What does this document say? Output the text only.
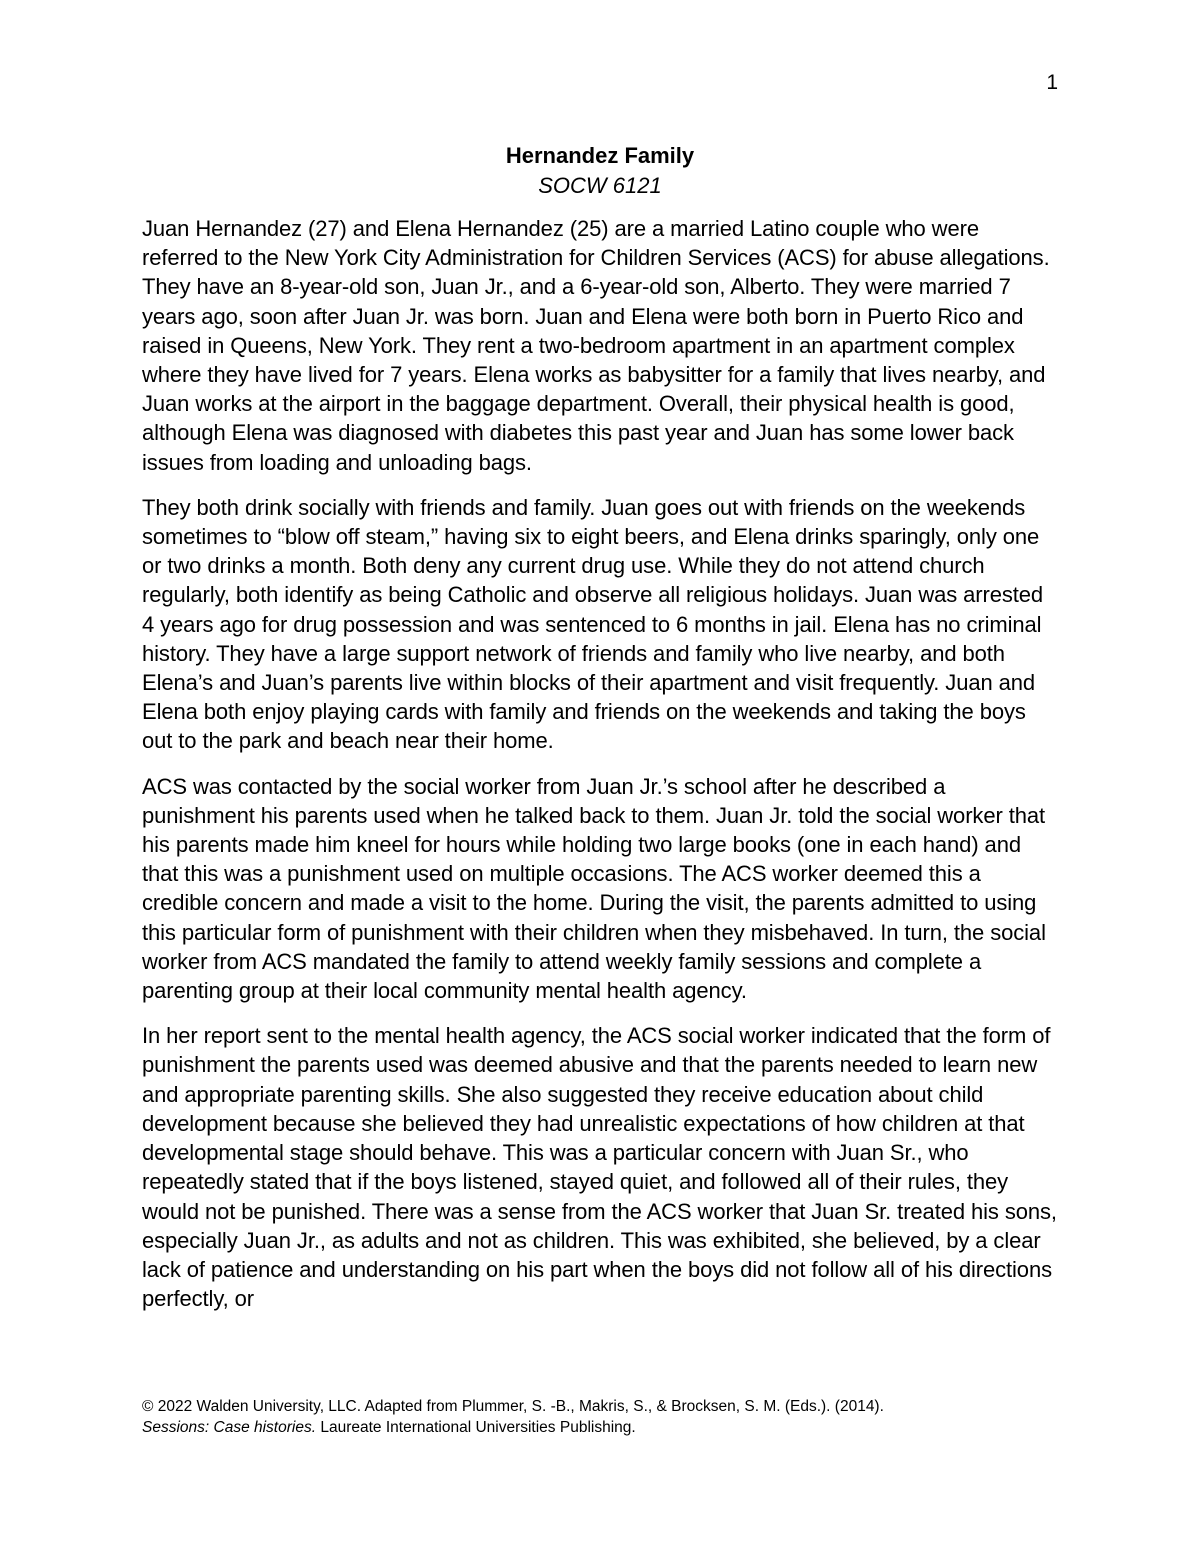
1

Hernandez Family

SOCW 6121

Juan Hernandez (27) and Elena Hernandez (25) are a married Latino couple who were referred to the New York City Administration for Children Services (ACS) for abuse allegations. They have an 8-year-old son, Juan Jr., and a 6-year-old son, Alberto. They were married 7 years ago, soon after Juan Jr. was born. Juan and Elena were both born in Puerto Rico and raised in Queens, New York. They rent a two-bedroom apartment in an apartment complex where they have lived for 7 years. Elena works as babysitter for a family that lives nearby, and Juan works at the airport in the baggage department. Overall, their physical health is good, although Elena was diagnosed with diabetes this past year and Juan has some lower back issues from loading and unloading bags.

They both drink socially with friends and family. Juan goes out with friends on the weekends sometimes to “blow off steam,” having six to eight beers, and Elena drinks sparingly, only one or two drinks a month. Both deny any current drug use. While they do not attend church regularly, both identify as being Catholic and observe all religious holidays. Juan was arrested 4 years ago for drug possession and was sentenced to 6 months in jail. Elena has no criminal history. They have a large support network of friends and family who live nearby, and both Elena’s and Juan’s parents live within blocks of their apartment and visit frequently. Juan and Elena both enjoy playing cards with family and friends on the weekends and taking the boys out to the park and beach near their home.

ACS was contacted by the social worker from Juan Jr.’s school after he described a punishment his parents used when he talked back to them. Juan Jr. told the social worker that his parents made him kneel for hours while holding two large books (one in each hand) and that this was a punishment used on multiple occasions. The ACS worker deemed this a credible concern and made a visit to the home. During the visit, the parents admitted to using this particular form of punishment with their children when they misbehaved. In turn, the social worker from ACS mandated the family to attend weekly family sessions and complete a parenting group at their local community mental health agency.

In her report sent to the mental health agency, the ACS social worker indicated that the form of punishment the parents used was deemed abusive and that the parents needed to learn new and appropriate parenting skills. She also suggested they receive education about child development because she believed they had unrealistic expectations of how children at that developmental stage should behave. This was a particular concern with Juan Sr., who repeatedly stated that if the boys listened, stayed quiet, and followed all of their rules, they would not be punished. There was a sense from the ACS worker that Juan Sr. treated his sons, especially Juan Jr., as adults and not as children. This was exhibited, she believed, by a clear lack of patience and understanding on his part when the boys did not follow all of his directions perfectly, or

© 2022 Walden University, LLC. Adapted from Plummer, S. -B., Makris, S., & Brocksen, S. M. (Eds.). (2014).
Sessions: Case histories. Laureate International Universities Publishing.
